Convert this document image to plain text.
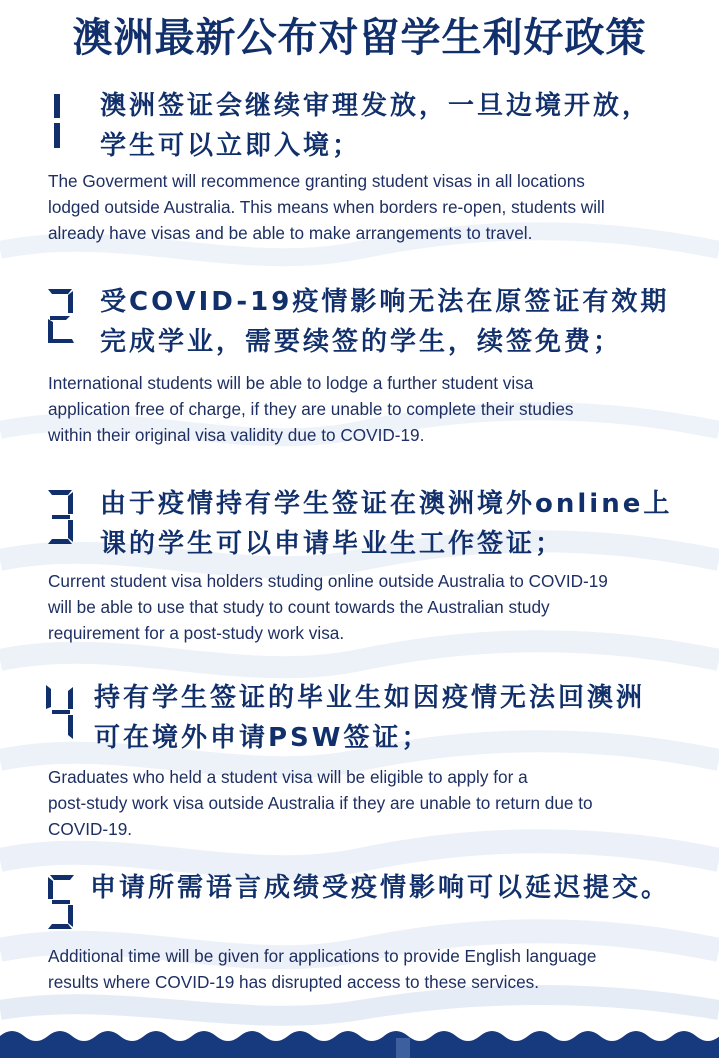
澳洲最新公布对留学生利好政策
澳洲签证会继续审理发放，一旦边境开放，
学生可以立即入境；
The Goverment will recommence granting student visas in all locations
lodged outside Australia. This means when borders re-open, students will
already have visas and be able to make arrangements to travel.
受COVID-19疫情影响无法在原签证有效期
完成学业，需要续签的学生，续签免费；
International students will be able to lodge a further student visa
application free of charge, if they are unable to complete their studies
within their original visa validity due to COVID-19.
由于疫情持有学生签证在澳洲境外online上
课的学生可以申请毕业生工作签证；
Current student visa holders studing online outside Australia to COVID-19
will be able to use that study to count towards the Australian study
requirement for a post-study work visa.
持有学生签证的毕业生如因疫情无法回澳洲
可在境外申请PSW签证；
Graduates who held a student visa will be eligible to apply for a
post-study work visa outside Australia if they are unable to return due to
COVID-19.
申请所需语言成绩受疫情影响可以延迟提交。
Additional time will be given for applications to provide English language
results where COVID-19 has disrupted access to these services.
